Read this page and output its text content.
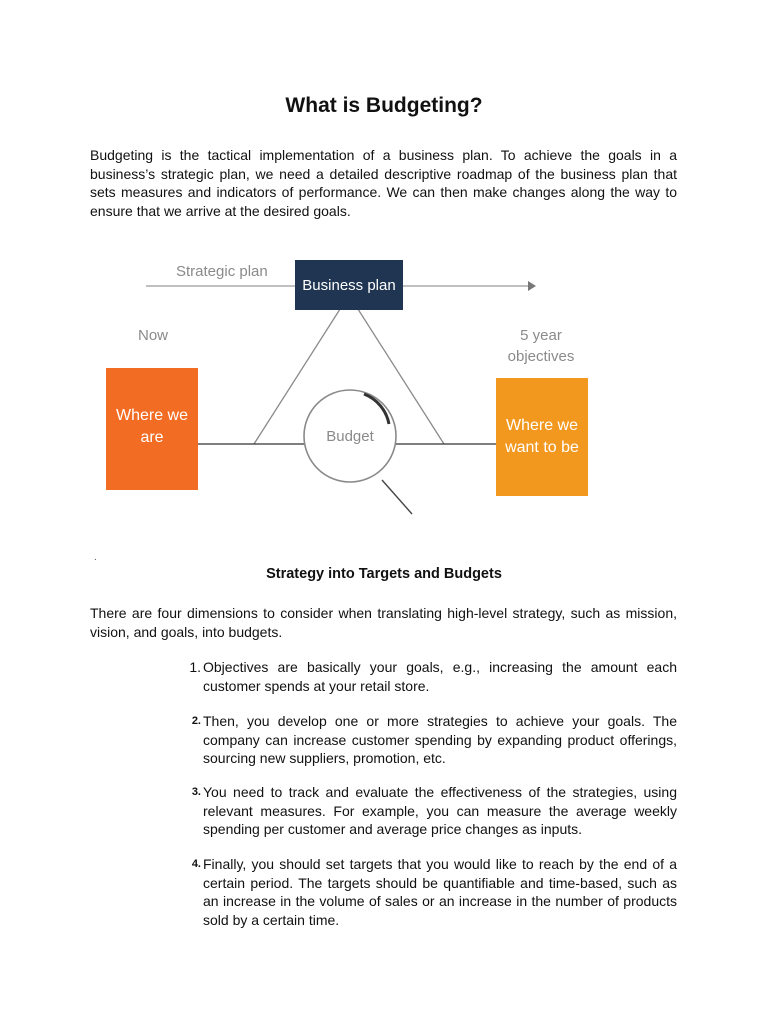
What is Budgeting?

Budgeting is the tactical implementation of a business plan. To achieve the goals in a business’s strategic plan, we need a detailed descriptive roadmap of the business plan that sets measures and indicators of performance. We can then make changes along the way to ensure that we arrive at the desired goals.

Strategic plan
Business plan
Now	5 year
objectives
Where we
are
Where we
want to be
Budget
.
Strategy into Targets and Budgets

There are four dimensions to consider when translating high-level strategy, such as mission, vision, and goals, into budgets.

1. Objectives are basically your goals, e.g., increasing the amount each customer spends at your retail store.

2. Then, you develop one or more strategies to achieve your goals. The company can increase customer spending by expanding product offerings, sourcing new suppliers, promotion, etc.

3. You need to track and evaluate the effectiveness of the strategies, using relevant measures. For example, you can measure the average weekly spending per customer and average price changes as inputs.

4. Finally, you should set targets that you would like to reach by the end of a certain period. The targets should be quantifiable and time-based, such as an increase in the volume of sales or an increase in the number of products sold by a certain time.
